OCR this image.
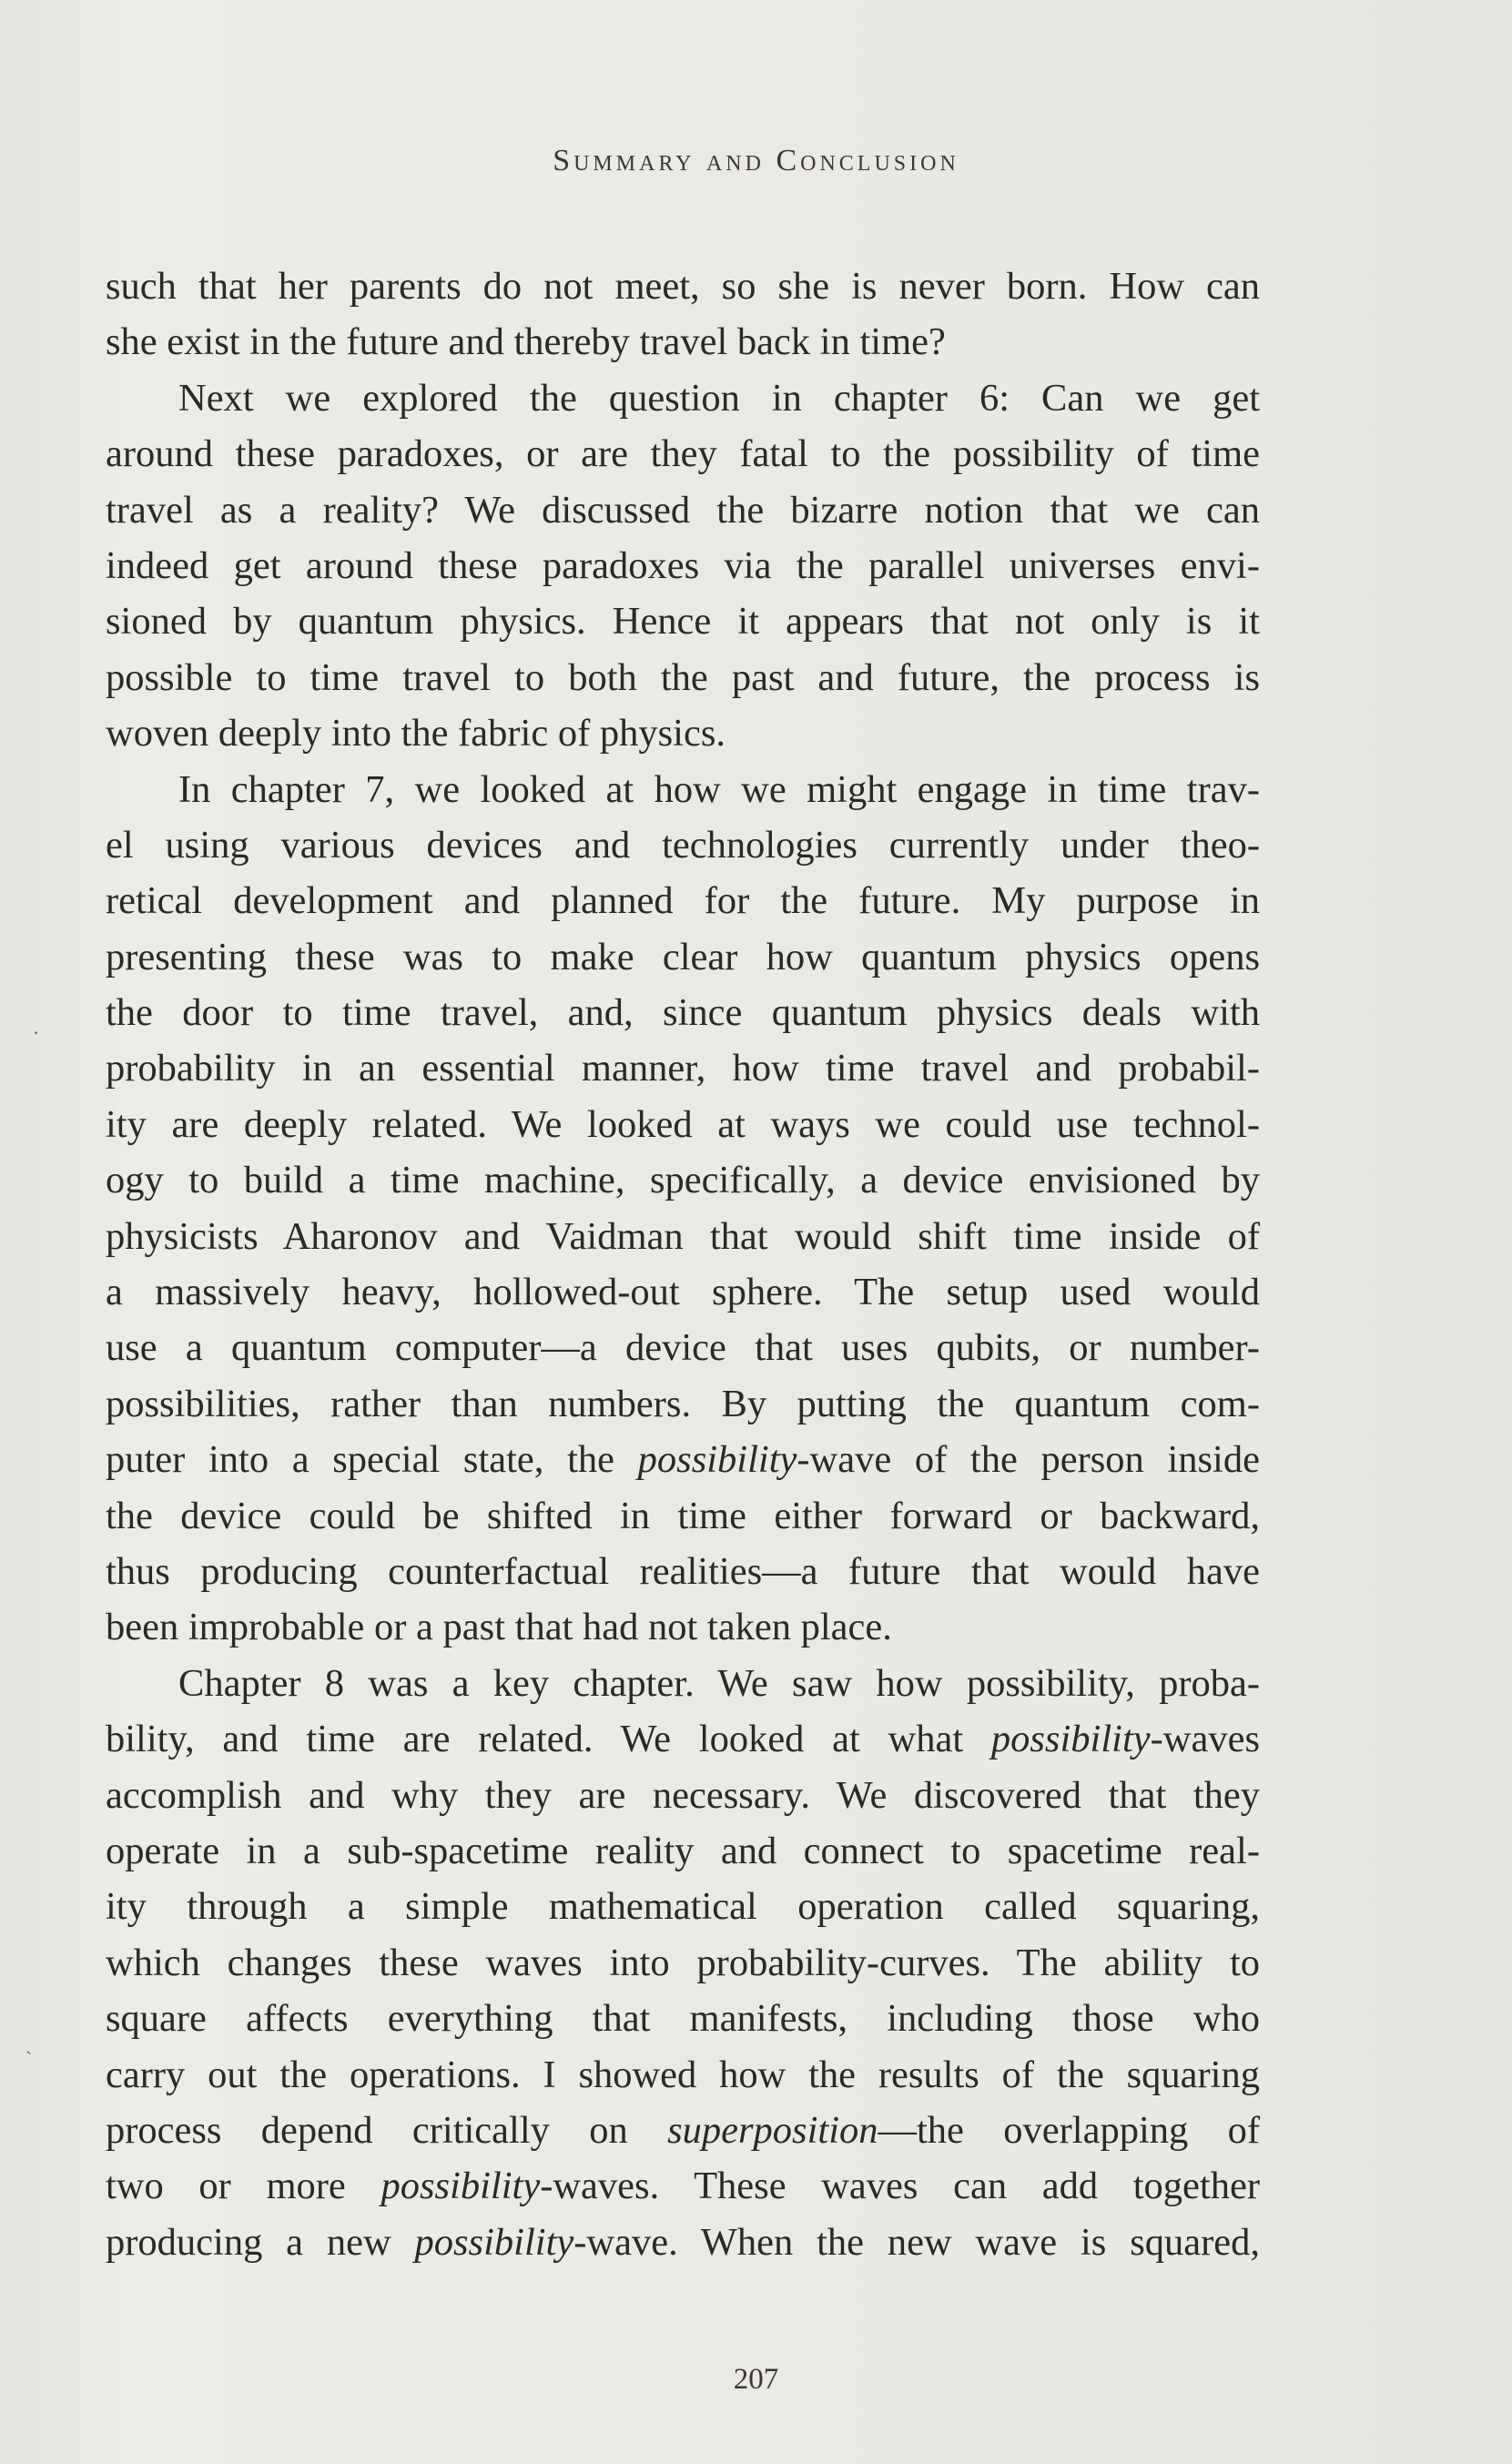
Summary and Conclusion
such that her parents do not meet, so she is never born. How can
she exist in the future and thereby travel back in time?
Next we explored the question in chapter 6: Can we get
around these paradoxes, or are they fatal to the possibility of time
travel as a reality? We discussed the bizarre notion that we can
indeed get around these paradoxes via the parallel universes envi-
sioned by quantum physics. Hence it appears that not only is it
possible to time travel to both the past and future, the process is
woven deeply into the fabric of physics.
In chapter 7, we looked at how we might engage in time trav-
el using various devices and technologies currently under theo-
retical development and planned for the future. My purpose in
presenting these was to make clear how quantum physics opens
the door to time travel, and, since quantum physics deals with
probability in an essential manner, how time travel and probabil-
ity are deeply related. We looked at ways we could use technol-
ogy to build a time machine, specifically, a device envisioned by
physicists Aharonov and Vaidman that would shift time inside of
a massively heavy, hollowed-out sphere. The setup used would
use a quantum computer—a device that uses qubits, or number-
possibilities, rather than numbers. By putting the quantum com-
puter into a special state, the possibility-wave of the person inside
the device could be shifted in time either forward or backward,
thus producing counterfactual realities—a future that would have
been improbable or a past that had not taken place.
Chapter 8 was a key chapter. We saw how possibility, proba-
bility, and time are related. We looked at what possibility-waves
accomplish and why they are necessary. We discovered that they
operate in a sub-spacetime reality and connect to spacetime real-
ity through a simple mathematical operation called squaring,
which changes these waves into probability-curves. The ability to
square affects everything that manifests, including those who
carry out the operations. I showed how the results of the squaring
process depend critically on superposition—the overlapping of
two or more possibility-waves. These waves can add together
producing a new possibility-wave. When the new wave is squared,
·
ˎ
207
